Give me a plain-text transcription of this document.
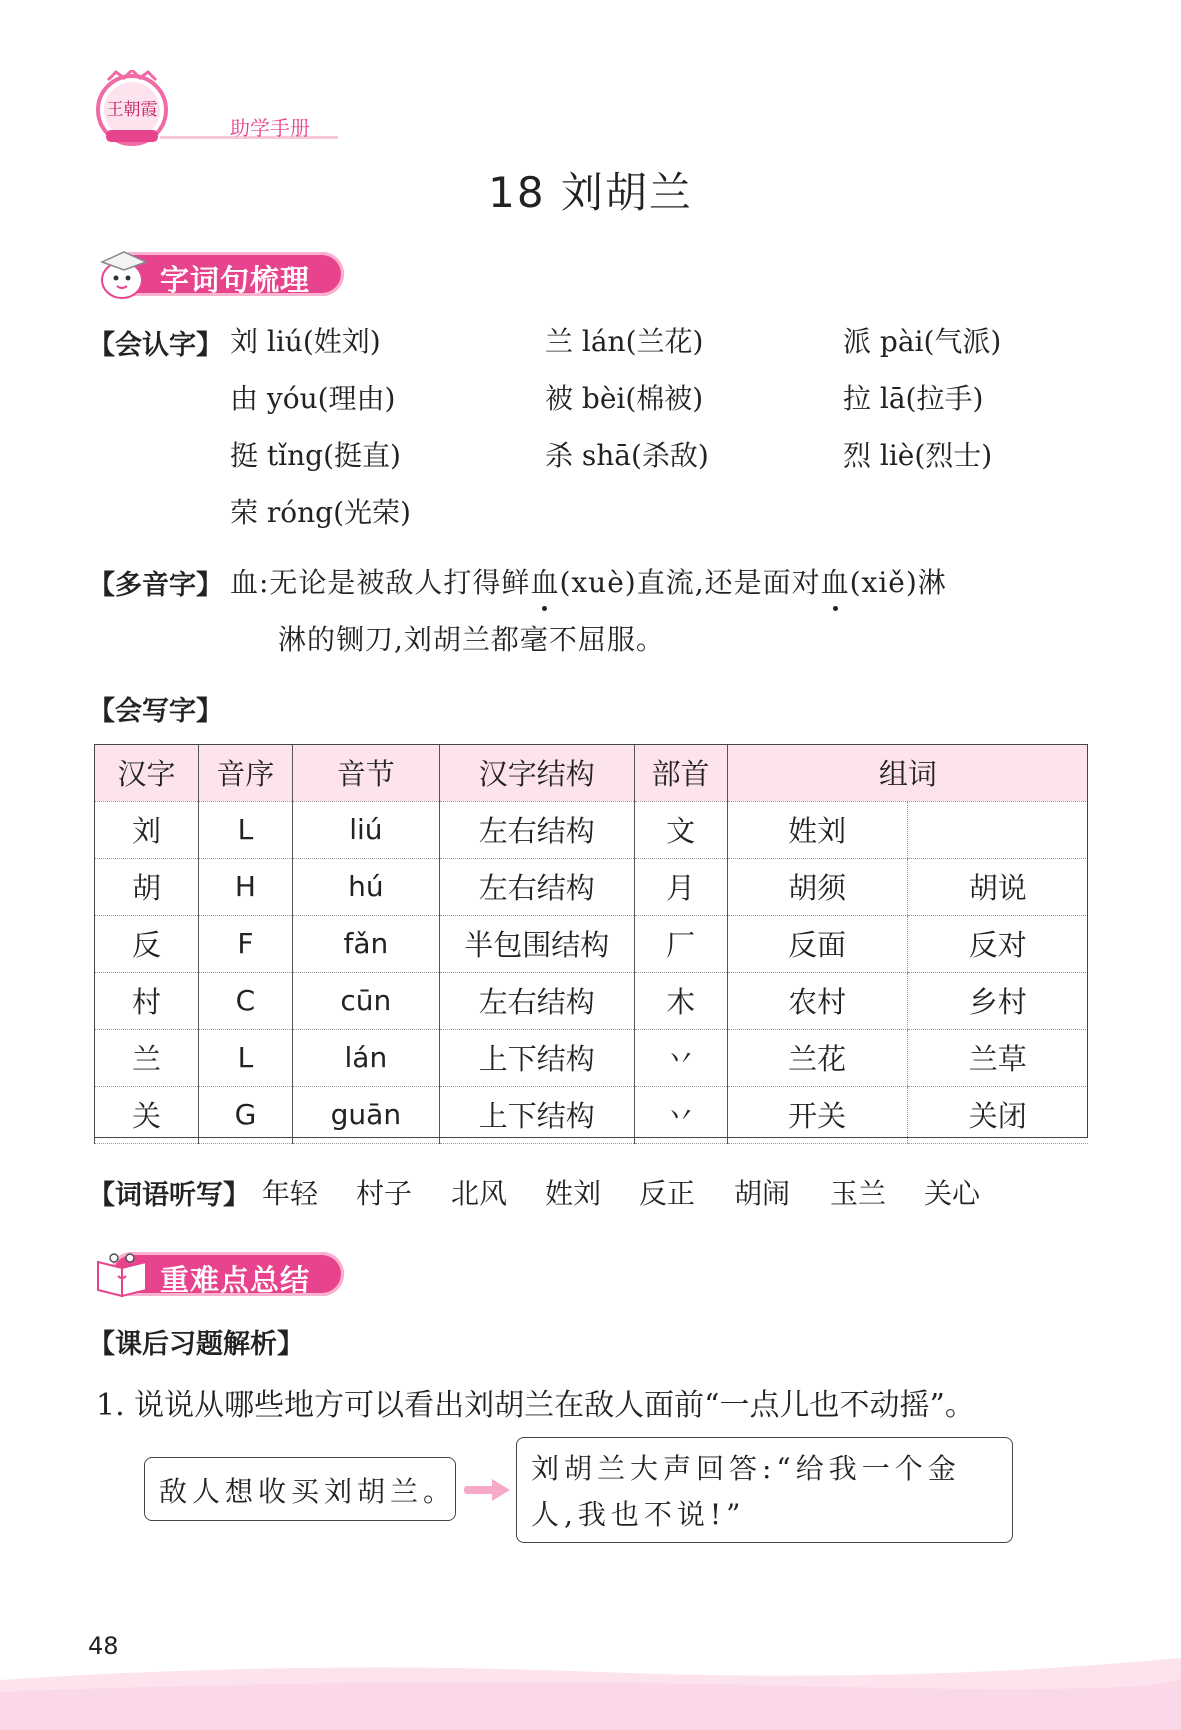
王朝霞
助学手册
18 刘胡兰
字词句梳理
【会认字】 刘 liú(姓刘)	兰 lán(兰花)	派 pài(气派)
由 yóu(理由)	被 bèi(棉被)	拉 lā(拉手)
挺 tǐng(挺直)	杀 shā(杀敌)	烈 liè(烈士)
荣 róng(光荣)
【多音字】 血:无论是被敌人打得鲜血(xuè)直流,还是面对血(xiě)淋
淋的铡刀,刘胡兰都毫不屈服。
【会写字】
汉字	音序	音节	汉字结构	部首	组词	
刘	L	liú	左右结构	文	姓刘	
胡	H	hú	左右结构	月	胡须	胡说
反	F	fǎn	半包围结构	厂	反面	反对
村	C	cūn	左右结构	木	农村	乡村
兰	L	lán	上下结构	丷	兰花	兰草
关	G	guān	上下结构	丷	开关	关闭
【词语听写】 年轻 村子 北风 姓刘 反正 胡闹 玉兰 关心
重难点总结
【课后习题解析】
1. 说说从哪些地方可以看出刘胡兰在敌人面前“一点儿也不动摇”。
敌人想收买刘胡兰。
刘胡兰大声回答:“给我一个金
人,我也不说!”
48
